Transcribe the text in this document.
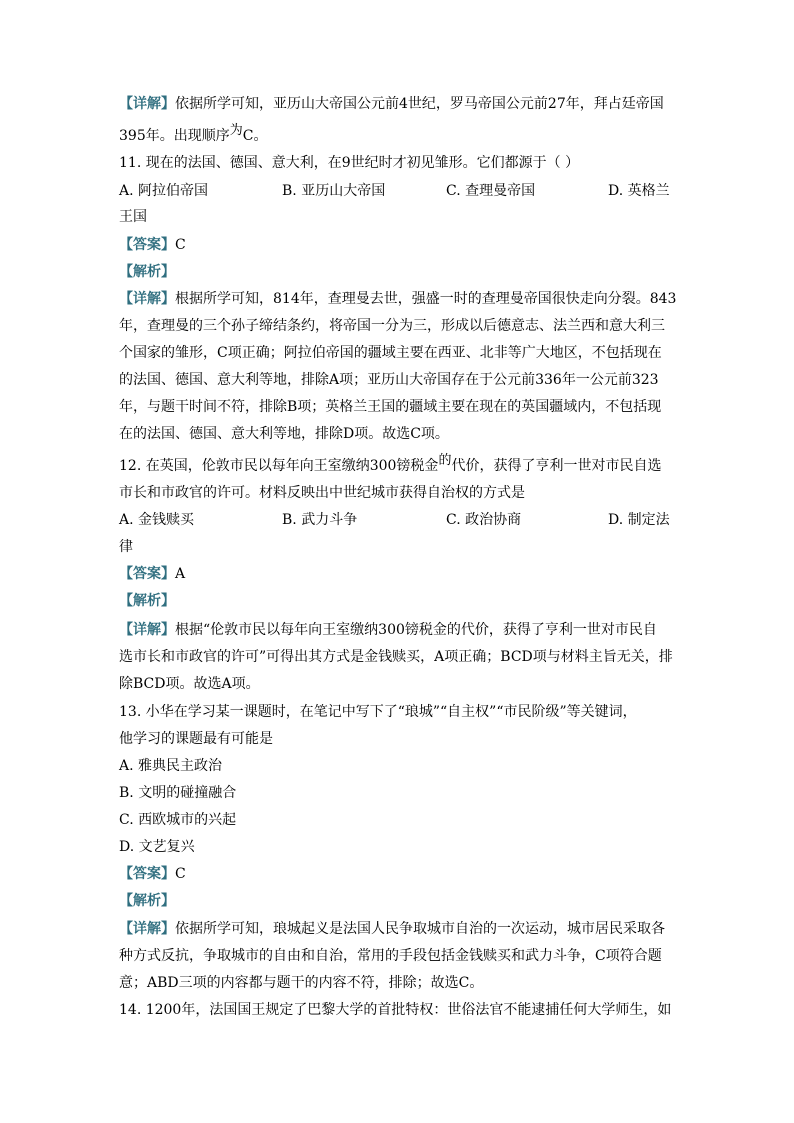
【详解】依据所学可知，亚历山大帝国公元前4世纪，罗马帝国公元前27年，拜占廷帝国
395年。出现顺序为C。
11. 现在的法国、德国、意大利，在9世纪时才初见雏形。它们都源于（ ）
A. 阿拉伯帝国	B. 亚历山大帝国	C. 查理曼帝国	D. 英格兰
王国
【答案】C
【解析】
【详解】根据所学可知，814年，查理曼去世，强盛一时的查理曼帝国很快走向分裂。843
年，查理曼的三个孙子缔结条约，将帝国一分为三，形成以后德意志、法兰西和意大利三
个国家的雏形，C项正确；阿拉伯帝国的疆域主要在西亚、北非等广大地区，不包括现在
的法国、德国、意大利等地，排除A项；亚历山大帝国存在于公元前336年一公元前323
年，与题干时间不符，排除B项；英格兰王国的疆域主要在现在的英国疆域内，不包括现
在的法国、德国、意大利等地，排除D项。故选C项。
12. 在英国，伦敦市民以每年向王室缴纳300镑税金的代价，获得了亨利一世对市民自选
市长和市政官的许可。材料反映出中世纪城市获得自治权的方式是
A. 金钱赎买	B. 武力斗争	C. 政治协商	D. 制定法
律
【答案】A
【解析】
【详解】根据“伦敦市民以每年向王室缴纳300镑税金的代价，获得了亨利一世对市民自
选市长和市政官的许可”可得出其方式是金钱赎买，A项正确；BCD项与材料主旨无关，排
除BCD项。故选A项。
13. 小华在学习某一课题时，在笔记中写下了“琅城”“自主权”“市民阶级”等关键词，
他学习的课题最有可能是
A. 雅典民主政治
B. 文明的碰撞融合
C. 西欧城市的兴起
D. 文艺复兴
【答案】C
【解析】
【详解】依据所学可知，琅城起义是法国人民争取城市自治的一次运动，城市居民采取各
种方式反抗，争取城市的自由和自治，常用的手段包括金钱赎买和武力斗争，C项符合题
意；ABD三项的内容都与题干的内容不符，排除；故选C。
14. 1200年，法国国王规定了巴黎大学的首批特权：世俗法官不能逮捕任何大学师生，如
